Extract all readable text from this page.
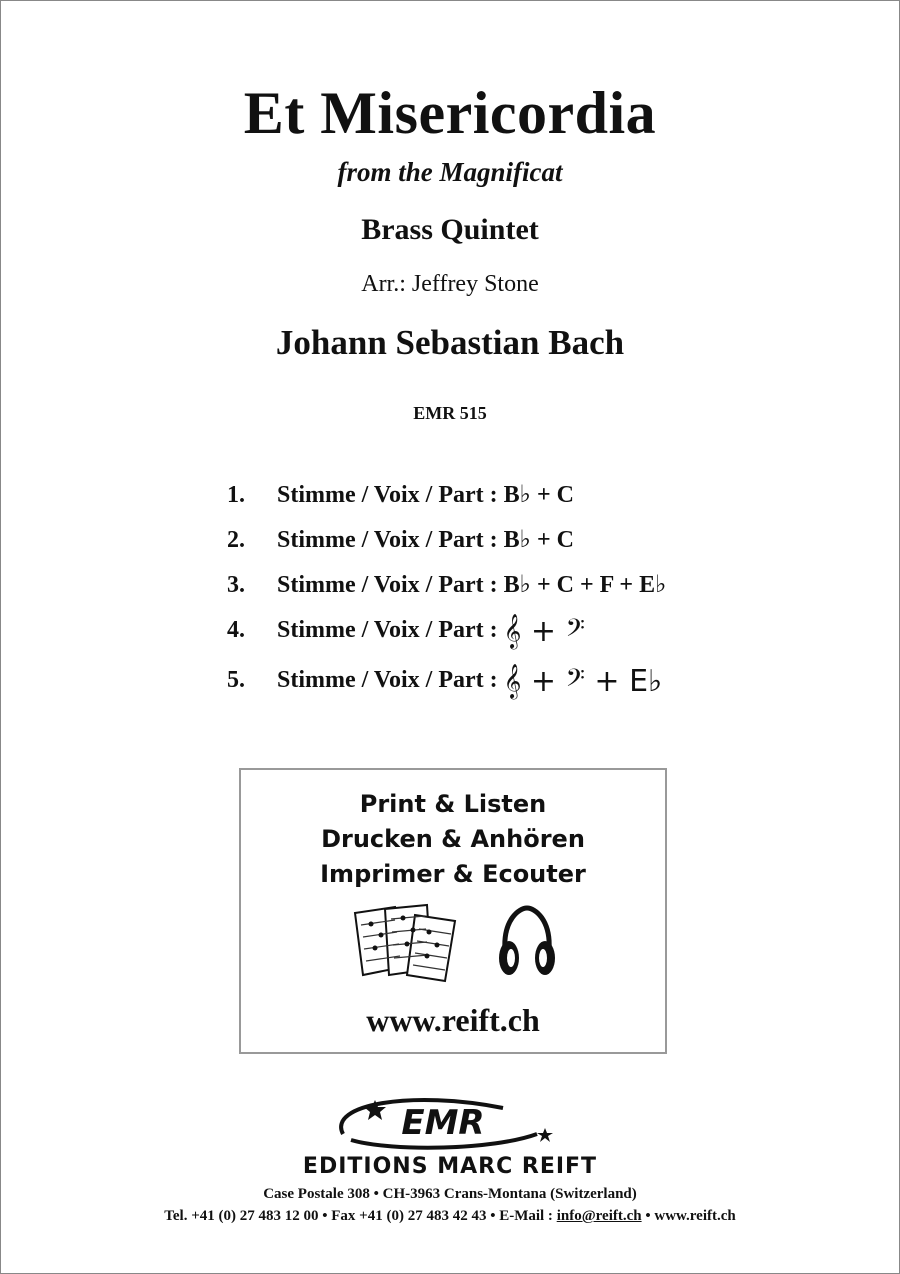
Et Misericordia
from the Magnificat
Brass Quintet
Arr.: Jeffrey Stone
Johann Sebastian Bach
EMR 515
1. Stimme / Voix / Part : B♭ + C
2. Stimme / Voix / Part : B♭ + C
3. Stimme / Voix / Part : B♭ + C + F + E♭
4. Stimme / Voix / Part : 𝄞 + 𝄢
5. Stimme / Voix / Part : 𝄞 + 𝄢 + E♭
Print & Listen
Drucken & Anhören
Imprimer & Ecouter
www.reift.ch
EMR
EDITIONS MARC REIFT
Case Postale 308 • CH-3963 Crans-Montana (Switzerland)
Tel. +41 (0) 27 483 12 00 • Fax +41 (0) 27 483 42 43 • E-Mail : info@reift.ch • www.reift.ch
